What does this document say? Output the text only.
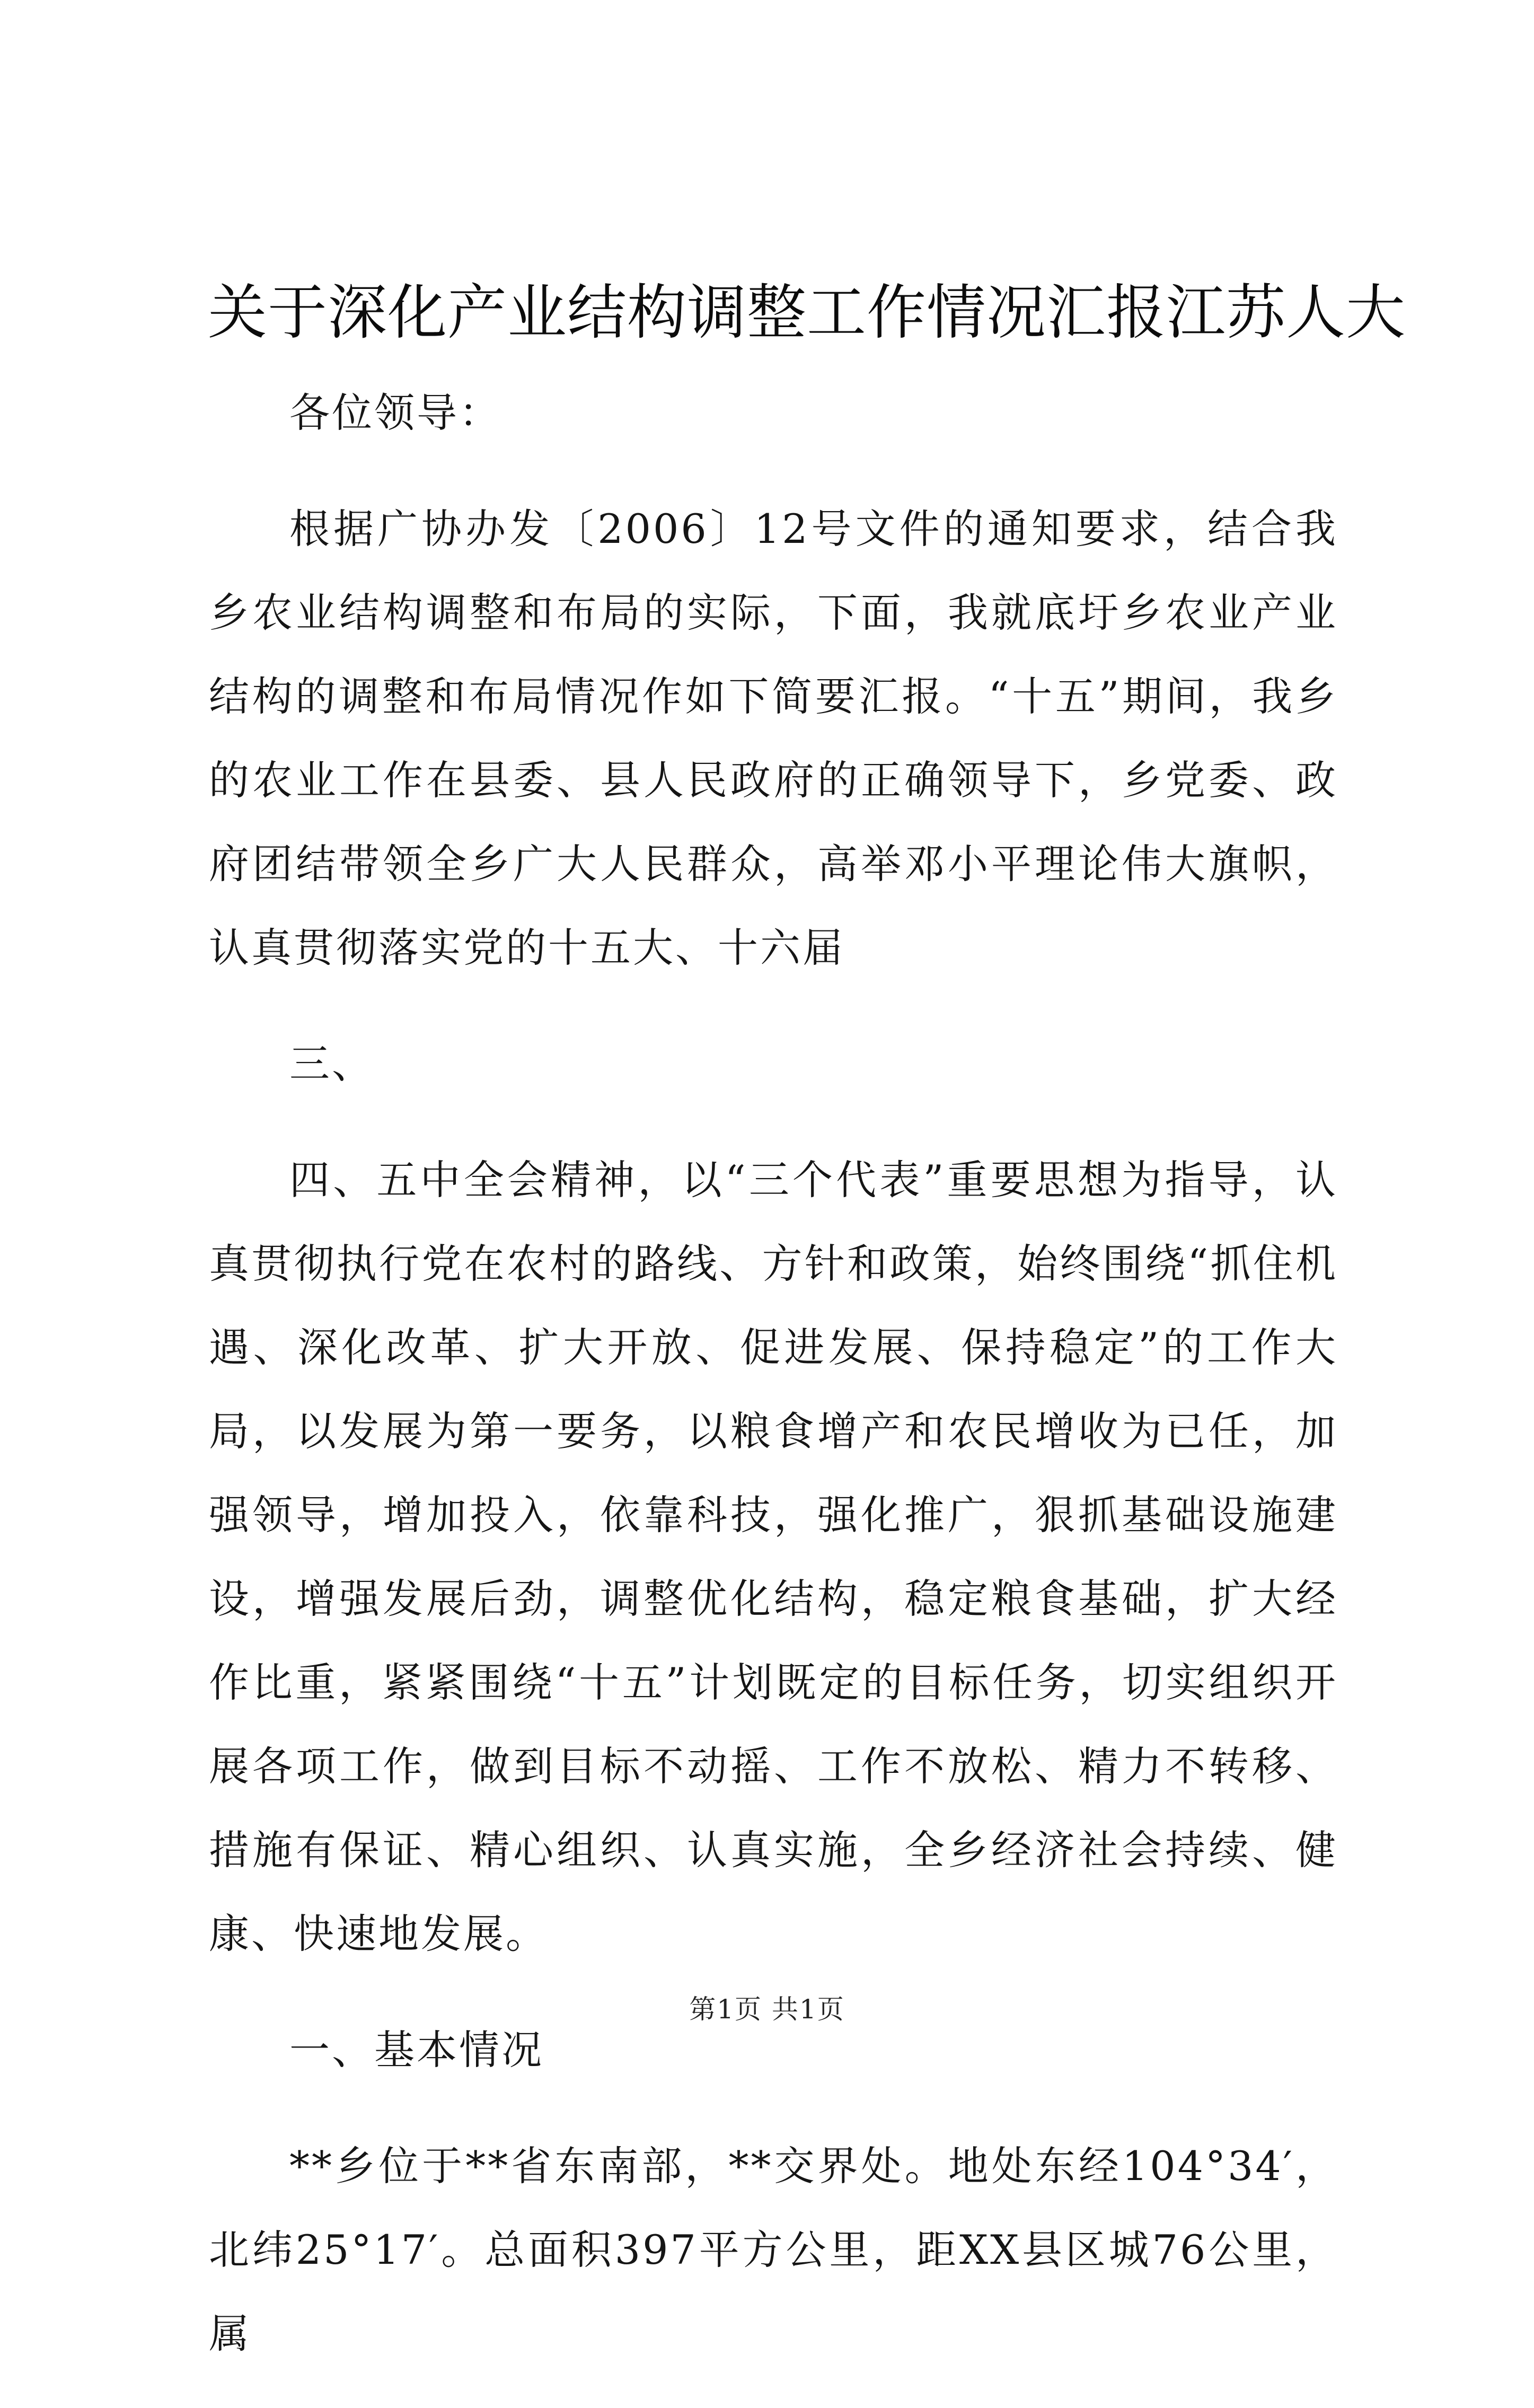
关于深化产业结构调整工作情况汇报江苏人大

各位领导：

根据广协办发〔2006〕12号文件的通知要求，结合我乡农业结构调整和布局的实际，下面，我就底圩乡农业产业结构的调整和布局情况作如下简要汇报。“十五”期间，我乡的农业工作在县委、县人民政府的正确领导下，乡党委、政府团结带领全乡广大人民群众，高举邓小平理论伟大旗帜，认真贯彻落实党的十五大、十六届

三、

四、五中全会精神，以“三个代表”重要思想为指导，认真贯彻执行党在农村的路线、方针和政策，始终围绕“抓住机遇、深化改革、扩大开放、促进发展、保持稳定”的工作大局，以发展为第一要务，以粮食增产和农民增收为已任，加强领导，增加投入，依靠科技，强化推广，狠抓基础设施建设，增强发展后劲，调整优化结构，稳定粮食基础，扩大经作比重，紧紧围绕“十五”计划既定的目标任务，切实组织开展各项工作，做到目标不动摇、工作不放松、精力不转移、措施有保证、精心组织、认真实施，全乡经济社会持续、健康、快速地发展。

一、基本情况

**乡位于**省东南部，**交界处。地处东经104°34′，北纬25°17′。总面积397平方公里，距XX县区城76公里，属

第1页 共1页
